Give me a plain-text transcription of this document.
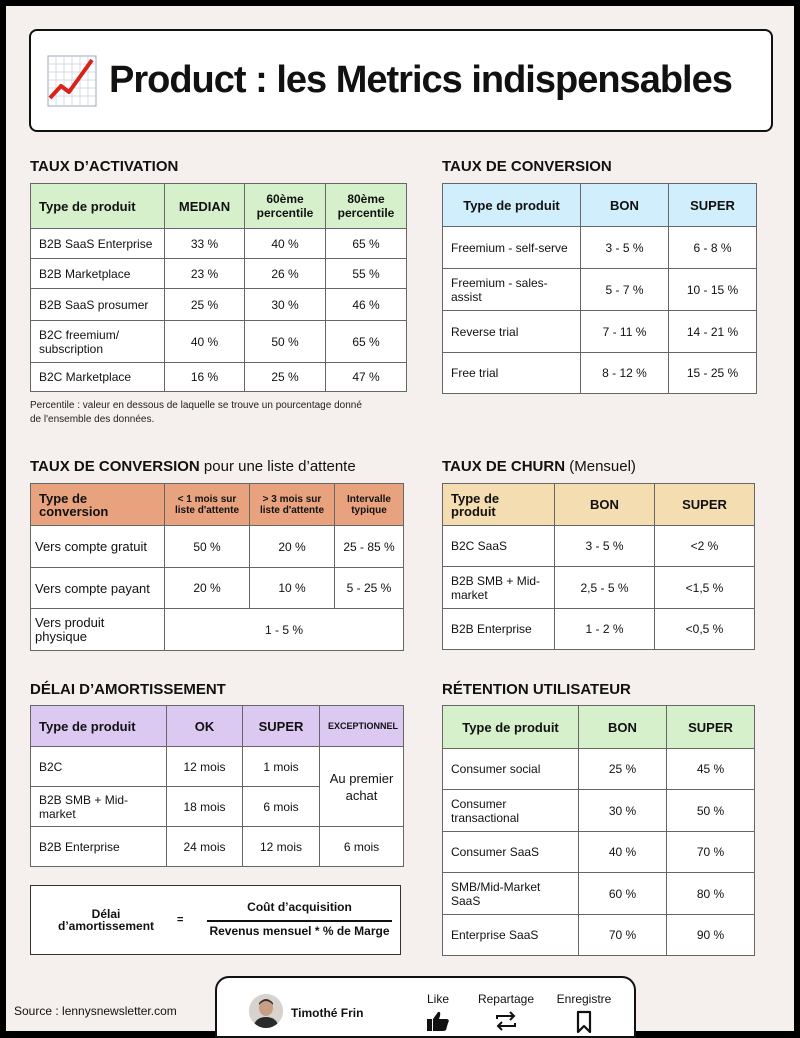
Product : les Metrics indispensables
TAUX D’ACTIVATION
Type de produit	MEDIAN	60ème percentile	80ème percentile
B2B SaaS Enterprise	33 %	40 %	65 %
B2B Marketplace	23 %	26 %	55 %
B2B SaaS prosumer	25 %	30 %	46 %
B2C freemium/ subscription	40 %	50 %	65 %
B2C Marketplace	16 %	25 %	47 %
Percentile : valeur en dessous de laquelle se trouve un pourcentage donné
de l'ensemble des données.
TAUX DE CONVERSION
Type de produit	BON	SUPER
Freemium - self-serve	3 - 5 %	6 - 8 %
Freemium - sales-assist	5 - 7 %	10 - 15 %
Reverse trial	7 - 11 %	14 - 21 %
Free trial	8 - 12 %	15 - 25 %
TAUX DE CONVERSION pour une liste d’attente
Type de conversion	< 1 mois sur liste d'attente	> 3 mois sur liste d'attente	Intervalle typique
Vers compte gratuit	50 %	20 %	25 - 85 %
Vers compte payant	20 %	10 %	5 - 25 %
Vers produit physique	1 - 5 %		
TAUX DE CHURN (Mensuel)
Type de produit	BON	SUPER
B2C SaaS	3 - 5 %	<2 %
B2B SMB + Mid-market	2,5 - 5 %	<1,5 %
B2B Enterprise	1 - 2 %	<0,5 %
DÉLAI D’AMORTISSEMENT
Type de produit	OK	SUPER	EXCEPTIONNEL
B2C	12 mois	1 mois	Au premier achat
B2B SMB + Mid-market	18 mois	6 mois	
B2B Enterprise	24 mois	12 mois	6 mois
Délai d’amortissement	=
Coût d’acquisition
Revenus mensuel * % de Marge
RÉTENTION UTILISATEUR
Type de produit	BON	SUPER
Consumer social	25 %	45 %
Consumer transactional	30 %	50 %
Consumer SaaS	40 %	70 %
SMB/Mid-Market SaaS	60 %	80 %
Enterprise SaaS	70 %	90 %
Timothé Frin
Like	Repartage	Enregistre
Source : lennysnewsletter.com
